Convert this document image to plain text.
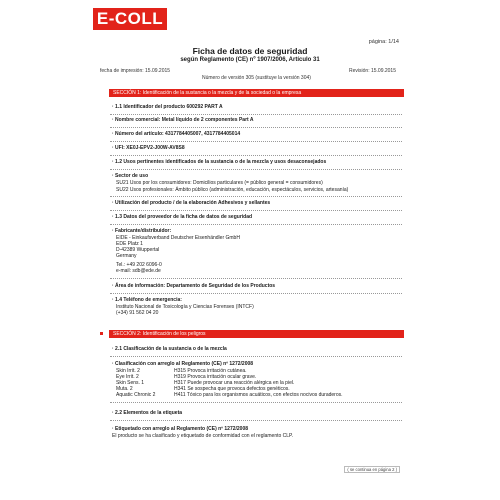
E-COLL
página: 1/14
Ficha de datos de seguridad
según Reglamento (CE) nº 1907/2006, Artículo 31
fecha de impresión: 15.09.2015	Revisión: 15.09.2015
Número de versión 305 (sustituye la versión 304)
SECCIÓN 1: Identificación de la sustancia o la mezcla y de la sociedad o la empresa
· 1.1 Identificador del producto 600292 PART A
· Nombre comercial: Metal líquido de 2 componentes Part A
· Número del artículo: 4317784405007, 4317784405014
· UFI: XE0J-EPV2-J00W-AV8S8
· 1.2 Usos pertinentes identificados de la sustancia o de la mezcla y usos desaconsejados
· Sector de uso
SU21 Usos por los consumidores: Domicilios particulares (= público general = consumidores)
SU22 Usos profesionales: Ámbito público (administración, educación, espectáculos, servicios, artesanía)
· Utilización del producto / de la elaboración Adhesivos y sellantes
· 1.3 Datos del proveedor de la ficha de datos de seguridad
· Fabricante/distribuidor:
EIDE - Einkaufsverband Deutscher Eisenhändler GmbH
EDE Platz 1
D-42389 Wuppertal
Germany
Tel.: +49 202 6096-0
e-mail: sdb@ede.de
· Área de información: Departamento de Seguridad de los Productos
· 1.4 Teléfono de emergencia:
Instituto Nacional de Toxicología y Ciencias Forenses (INTCF)
(+34) 91 562 04 20
SECCIÓN 2: Identificación de los peligros
· 2.1 Clasificación de la sustancia o de la mezcla
· Clasificación con arreglo al Reglamento (CE) nº 1272/2008
Skin Irrit. 2	H315 Provoca irritación cutánea.
Eye Irrit. 2	H319 Provoca irritación ocular grave.
Skin Sens. 1	H317 Puede provocar una reacción alérgica en la piel.
Muta. 2	H341 Se sospecha que provoca defectos genéticos.
Aquatic Chronic 2	H411 Tóxico para los organismos acuáticos, con efectos nocivos duraderos.
· 2.2 Elementos de la etiqueta
· Etiquetado con arreglo al Reglamento (CE) nº 1272/2008
El producto se ha clasificado y etiquetado de conformidad con el reglamento CLP.
( se continua en página 2 )
